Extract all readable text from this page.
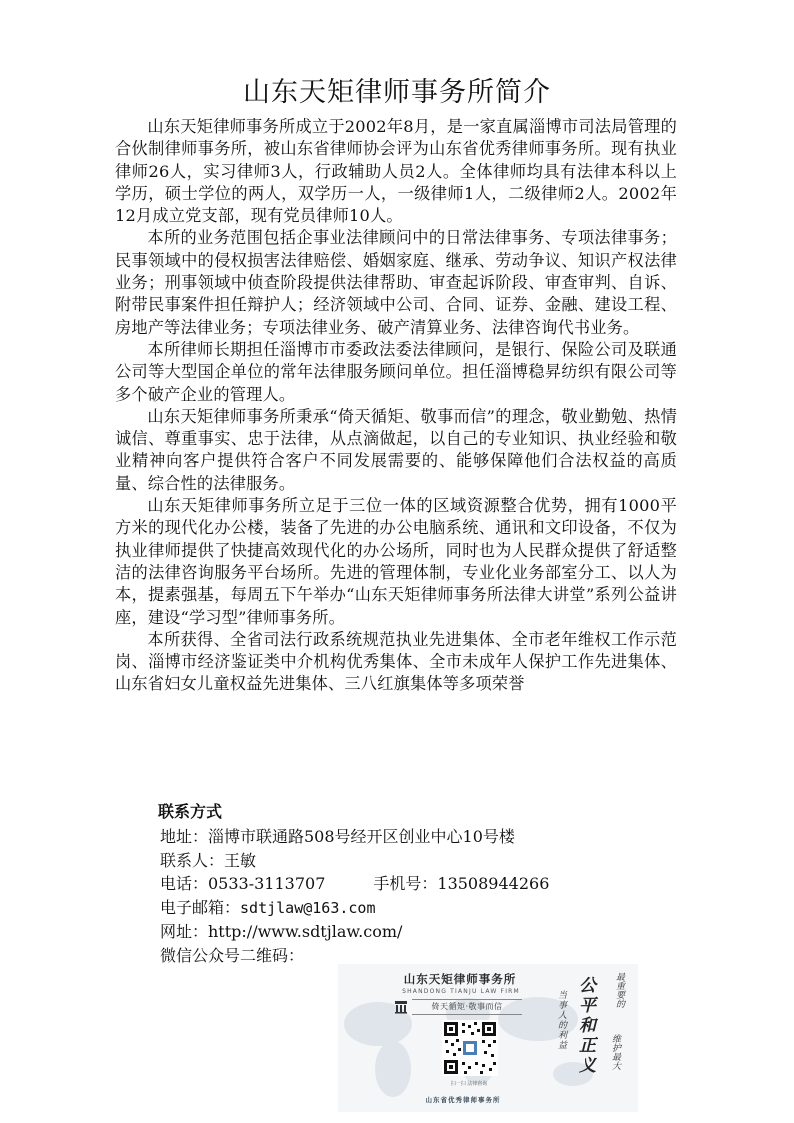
山东天矩律师事务所简介

山东天矩律师事务所成立于2002年8月，是一家直属淄博市司法局管理的合伙制律师事务所，被山东省律师协会评为山东省优秀律师事务所。现有执业律师26人，实习律师3人，行政辅助人员2人。全体律师均具有法律本科以上学历，硕士学位的两人，双学历一人，一级律师1人，二级律师2人。2002年12月成立党支部，现有党员律师10人。

本所的业务范围包括企事业法律顾问中的日常法律事务、专项法律事务；民事领域中的侵权损害法律赔偿、婚姻家庭、继承、劳动争议、知识产权法律业务；刑事领域中侦查阶段提供法律帮助、审查起诉阶段、审查审判、自诉、附带民事案件担任辩护人；经济领域中公司、合同、证券、金融、建设工程、房地产等法律业务；专项法律业务、破产清算业务、法律咨询代书业务。

本所律师长期担任淄博市市委政法委法律顾问，是银行、保险公司及联通公司等大型国企单位的常年法律服务顾问单位。担任淄博稳昇纺织有限公司等多个破产企业的管理人。

山东天矩律师事务所秉承“倚天循矩、敬事而信”的理念，敬业勤勉、热情诚信、尊重事实、忠于法律，从点滴做起，以自己的专业知识、执业经验和敬业精神向客户提供符合客户不同发展需要的、能够保障他们合法权益的高质量、综合性的法律服务。

山东天矩律师事务所立足于三位一体的区域资源整合优势，拥有1000平方米的现代化办公楼，装备了先进的办公电脑系统、通讯和文印设备，不仅为执业律师提供了快捷高效现代化的办公场所，同时也为人民群众提供了舒适整洁的法律咨询服务平台场所。先进的管理体制，专业化业务部室分工、以人为本，提素强基，每周五下午举办“山东天矩律师事务所法律大讲堂”系列公益讲座，建设“学习型”律师事务所。

本所获得、全省司法行政系统规范执业先进集体、全市老年维权工作示范岗、淄博市经济鉴证类中介机构优秀集体、全市未成年人保护工作先进集体、山东省妇女儿童权益先进集体、三八红旗集体等多项荣誉

联系方式

地址：淄博市联通路508号经开区创业中心10号楼

联系人：王敏

电话：0533-3113707	手机号：13508944266

电子邮箱：sdtjlaw@163.com

网址：http://www.sdtjlaw.com/

微信公众号二维码：

山东天矩律师事务所
SHANDONG TIANJU LAW FIRM
倚天循矩·敬事而信
扫一扫 法律咨询
山东省优秀律师事务所
最重要的
公平和正义
当事人的利益
维护最大
